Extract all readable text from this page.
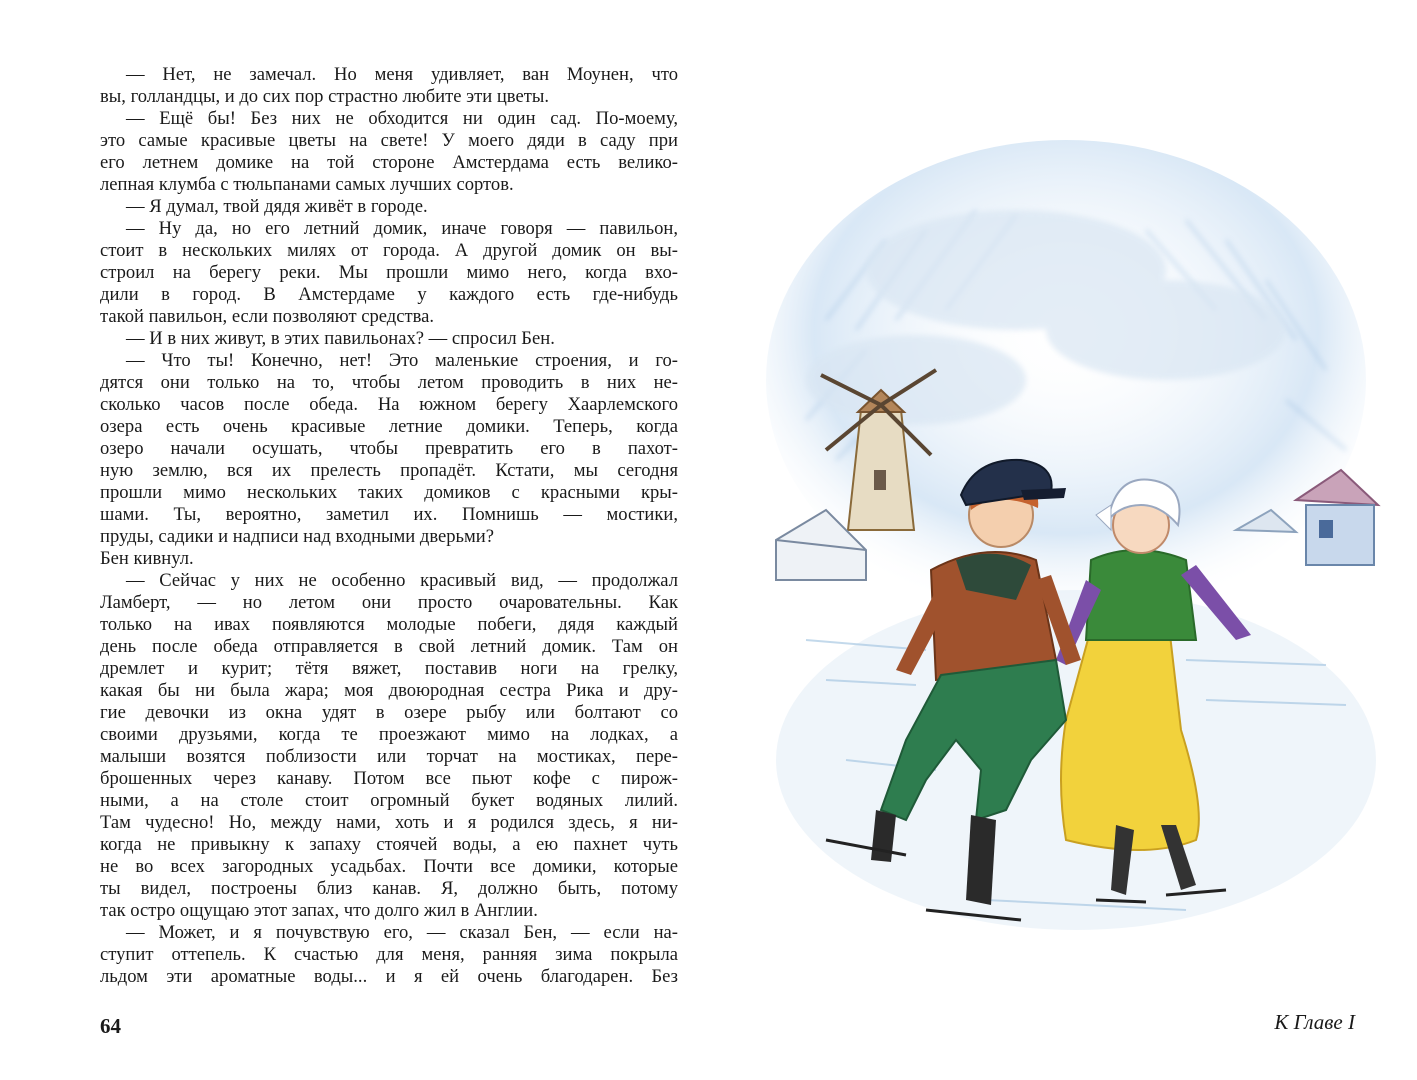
— Нет, не замечал. Но меня удивляет, ван Моунен, что
вы, голландцы, и до сих пор страстно любите эти цветы.
— Ещё бы! Без них не обходится ни один сад. По-моему,
это самые красивые цветы на свете! У моего дяди в саду при
его летнем домике на той стороне Амстердама есть велико-
лепная клумба с тюльпанами самых лучших сортов.
— Я думал, твой дядя живёт в городе.
— Ну да, но его летний домик, иначе говоря — павильон,
стоит в нескольких милях от города. А другой домик он вы-
строил на берегу реки. Мы прошли мимо него, когда вхо-
дили в город. В Амстердаме у каждого есть где-нибудь
такой павильон, если позволяют средства.
— И в них живут, в этих павильонах? — спросил Бен.
— Что ты! Конечно, нет! Это маленькие строения, и го-
дятся они только на то, чтобы летом проводить в них не-
сколько часов после обеда. На южном берегу Хаарлемского
озера есть очень красивые летние домики. Теперь, когда
озеро начали осушать, чтобы превратить его в пахот-
ную землю, вся их прелесть пропадёт. Кстати, мы сегодня
прошли мимо нескольких таких домиков с красными кры-
шами. Ты, вероятно, заметил их. Помнишь — мостики,
пруды, садики и надписи над входными дверьми?
Бен кивнул.
— Сейчас у них не особенно красивый вид, — продолжал
Ламберт, — но летом они просто очаровательны. Как
только на ивах появляются молодые побеги, дядя каждый
день после обеда отправляется в свой летний домик. Там он
дремлет и курит; тётя вяжет, поставив ноги на грелку,
какая бы ни была жара; моя двоюродная сестра Рика и дру-
гие девочки из окна удят в озере рыбу или болтают со
своими друзьями, когда те проезжают мимо на лодках, а
малыши возятся поблизости или торчат на мостиках, пере-
брошенных через канаву. Потом все пьют кофе с пирож-
ными, а на столе стоит огромный букет водяных лилий.
Там чудесно! Но, между нами, хоть и я родился здесь, я ни-
когда не привыкну к запаху стоячей воды, а ею пахнет чуть
не во всех загородных усадьбах. Почти все домики, которые
ты видел, построены близ канав. Я, должно быть, потому
так остро ощущаю этот запах, что долго жил в Англии.
— Может, и я почувствую его, — сказал Бен, — если на-
ступит оттепель. К счастью для меня, ранняя зима покрыла
льдом эти ароматные воды... и я ей очень благодарен. Без
64	К Главе I
